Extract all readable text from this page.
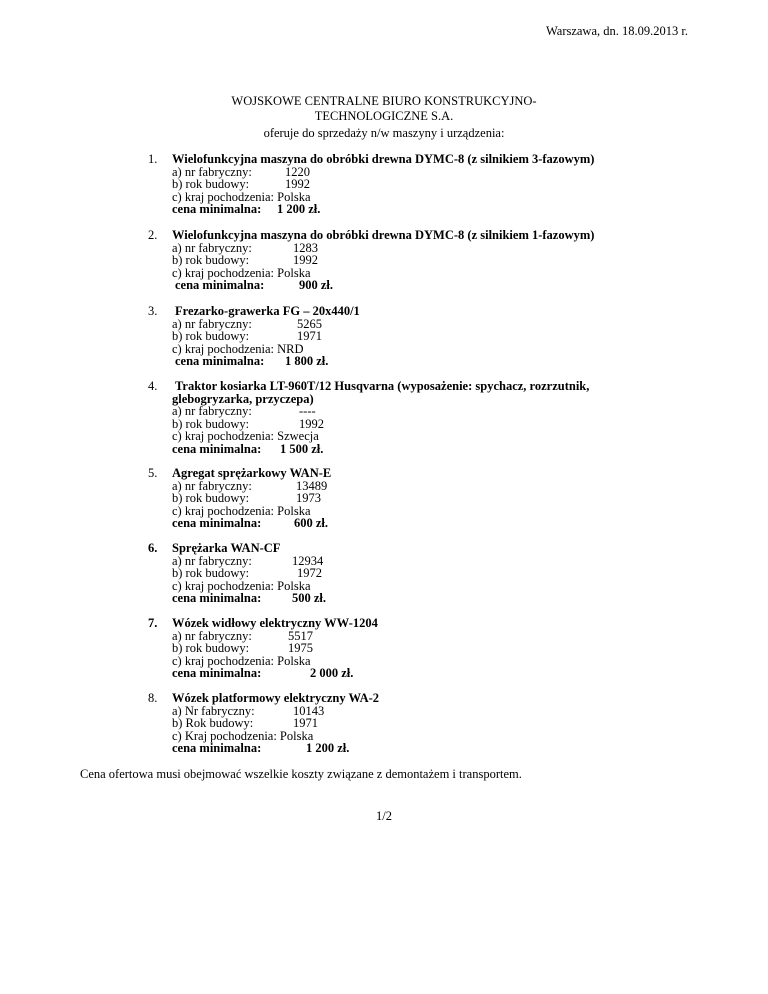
Warszawa, dn. 18.09.2013 r.
WOJSKOWE CENTRALNE BIURO KONSTRUKCYJNO-
TECHNOLOGICZNE S.A.
oferuje do sprzedaży n/w maszyny i urządzenia:
1.	Wielofunkcyjna maszyna do obróbki drewna DYMC-8 (z silnikiem 3-fazowym)
a) nr fabryczny:	1220
b) rok budowy:	1992
c) kraj pochodzenia: Polska
cena minimalna: 1 200 zł.
2.	Wielofunkcyjna maszyna do obróbki drewna DYMC-8 (z silnikiem 1-fazowym)
a) nr fabryczny:	1283
b) rok budowy:	1992
c) kraj pochodzenia: Polska
cena minimalna:	900 zł.
3.	Frezarko-grawerka FG – 20x440/1
a) nr fabryczny:	5265
b) rok budowy:	1971
c) kraj pochodzenia: NRD
cena minimalna: 1 800 zł.
4.	Traktor kosiarka LT-960T/12 Husqvarna (wyposażenie: spychacz, rozrzutnik,
glebogryzarka, przyczepa)
a) nr fabryczny:	----
b) rok budowy:	1992
c) kraj pochodzenia: Szwecja
cena minimalna: 1 500 zł.
5.	Agregat sprężarkowy WAN-E
a) nr fabryczny:	13489
b) rok budowy:	1973
c) kraj pochodzenia: Polska
cena minimalna:	600 zł.
6.	Sprężarka WAN-CF
a) nr fabryczny:	12934
b) rok budowy:	1972
c) kraj pochodzenia: Polska
cena minimalna: 500 zł.
7.	Wózek widłowy elektryczny WW-1204
a) nr fabryczny:	5517
b) rok budowy:	1975
c) kraj pochodzenia: Polska
cena minimalna:	2 000 zł.
8.	Wózek platformowy elektryczny WA-2
a) Nr fabryczny:	10143
b) Rok budowy:	1971
c) Kraj pochodzenia: Polska
cena minimalna:	1 200 zł.
Cena ofertowa musi obejmować wszelkie koszty związane z demontażem i transportem.
1/2
